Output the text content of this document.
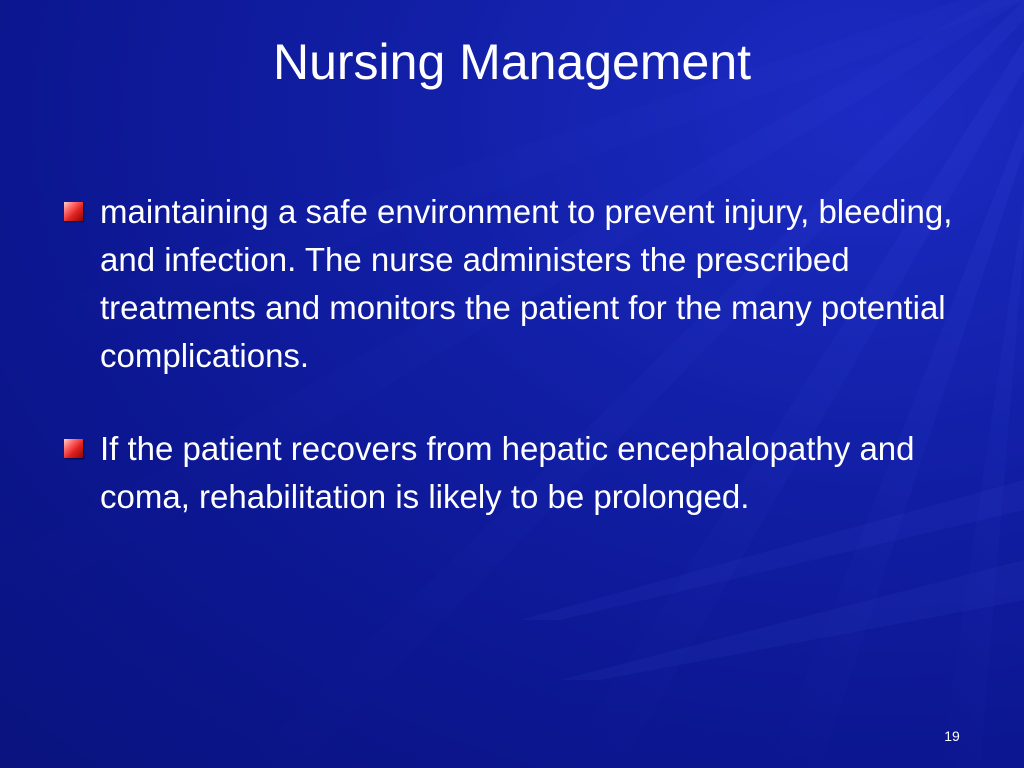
Nursing Management
maintaining a safe environment to prevent injury, bleeding, and infection. The nurse administers the prescribed treatments and monitors the patient for the many potential complications.
If the patient recovers from hepatic encephalopathy and coma, rehabilitation is likely to be prolonged.
19
